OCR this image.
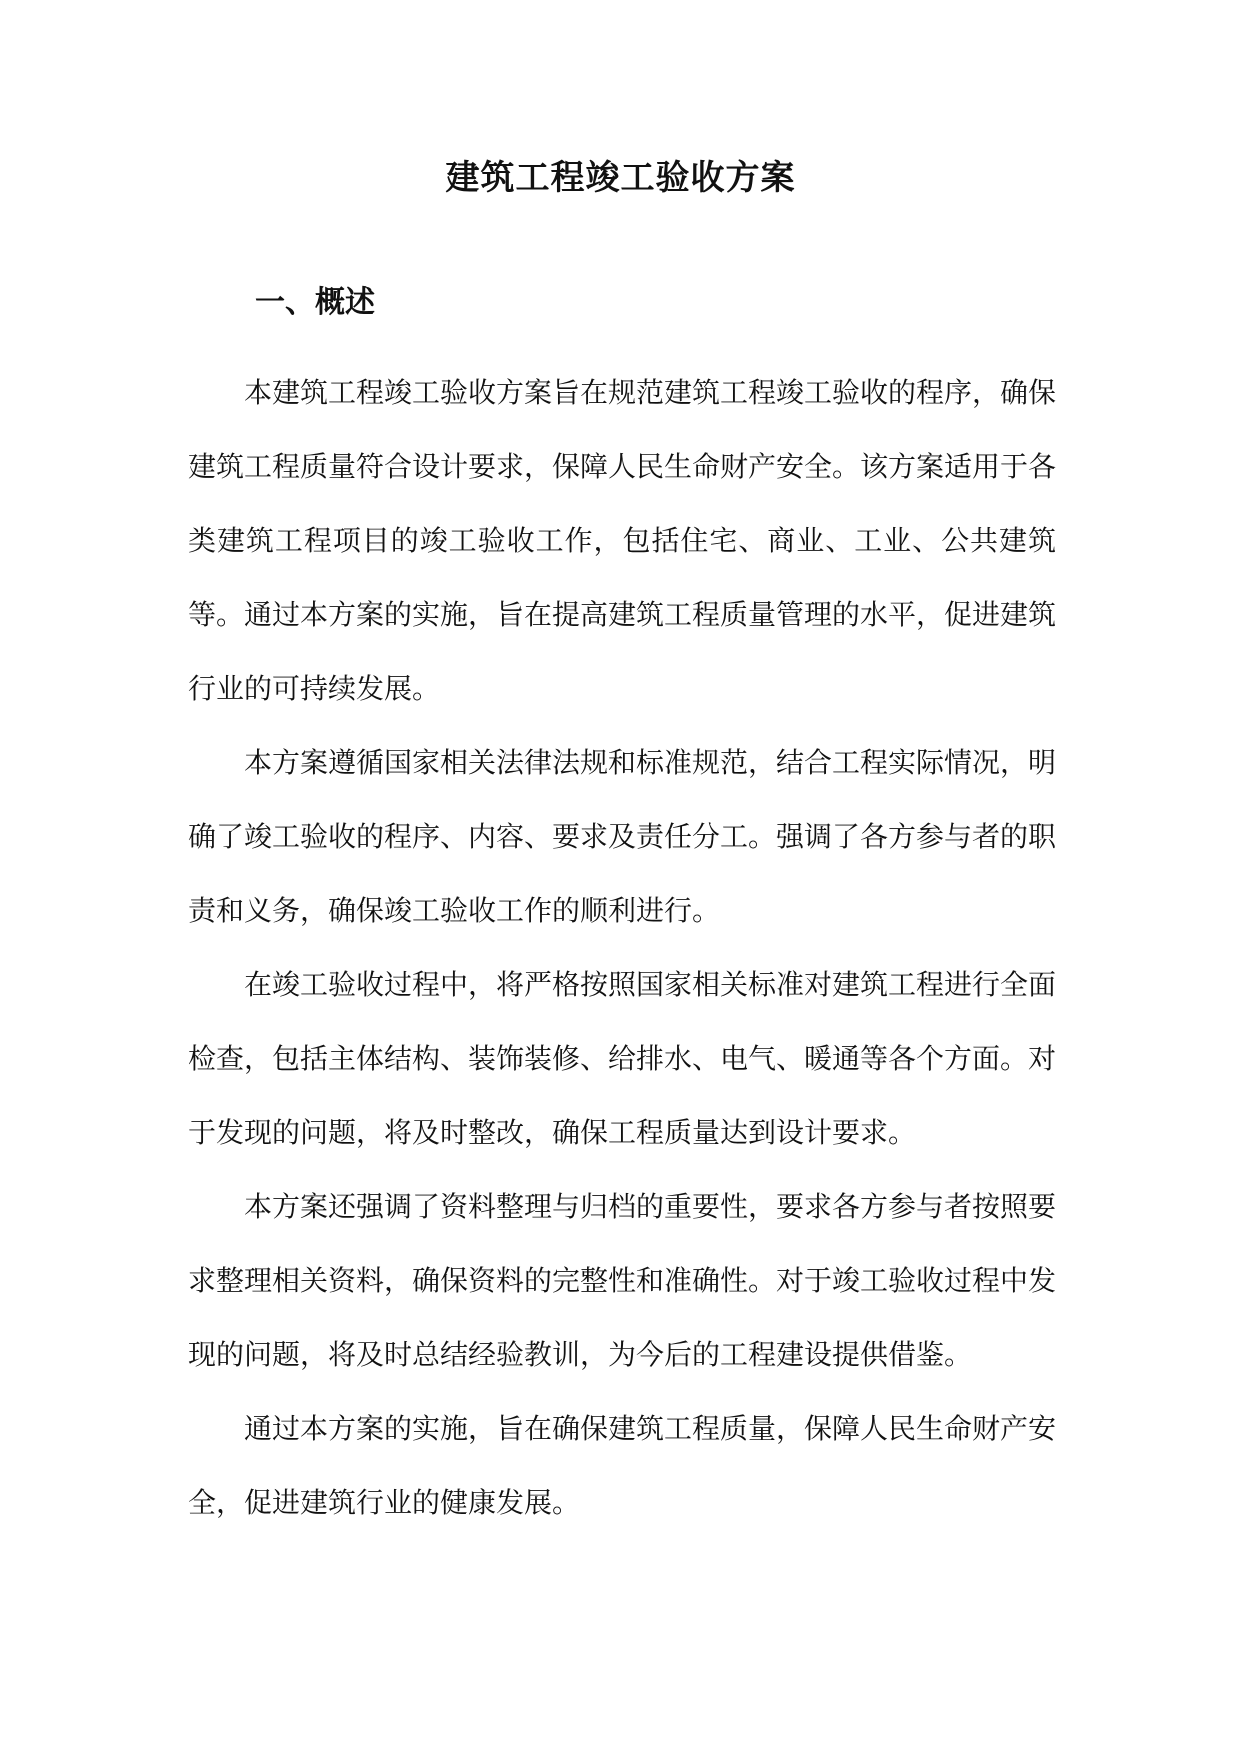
建筑工程竣工验收方案
一、概述

本建筑工程竣工验收方案旨在规范建筑工程竣工验收的程序，确保建筑工程质量符合设计要求，保障人民生命财产安全。该方案适用于各类建筑工程项目的竣工验收工作，包括住宅、商业、工业、公共建筑等。通过本方案的实施，旨在提高建筑工程质量管理的水平，促进建筑行业的可持续发展。

本方案遵循国家相关法律法规和标准规范，结合工程实际情况，明确了竣工验收的程序、内容、要求及责任分工。强调了各方参与者的职责和义务，确保竣工验收工作的顺利进行。

在竣工验收过程中，将严格按照国家相关标准对建筑工程进行全面检查，包括主体结构、装饰装修、给排水、电气、暖通等各个方面。对于发现的问题，将及时整改，确保工程质量达到设计要求。

本方案还强调了资料整理与归档的重要性，要求各方参与者按照要求整理相关资料，确保资料的完整性和准确性。对于竣工验收过程中发现的问题，将及时总结经验教训，为今后的工程建设提供借鉴。

通过本方案的实施，旨在确保建筑工程质量，保障人民生命财产安全，促进建筑行业的健康发展。
